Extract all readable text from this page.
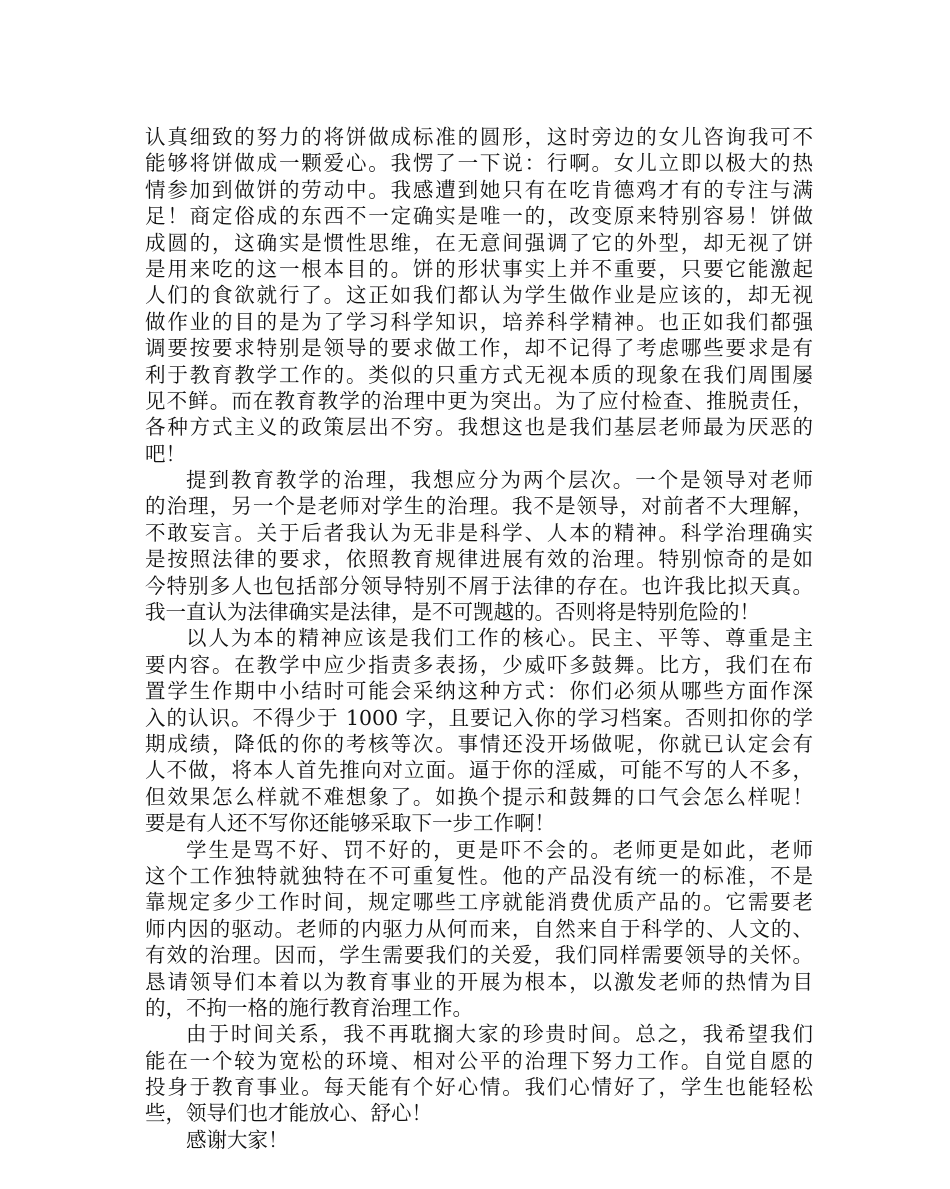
认真细致的努力的将饼做成标准的圆形，这时旁边的女儿咨询我可不
能够将饼做成一颗爱心。我愣了一下说：行啊。女儿立即以极大的热
情参加到做饼的劳动中。我感遭到她只有在吃肯德鸡才有的专注与满
足！商定俗成的东西不一定确实是唯一的，改变原来特别容易！饼做
成圆的，这确实是惯性思维，在无意间强调了它的外型，却无视了饼
是用来吃的这一根本目的。饼的形状事实上并不重要，只要它能激起
人们的食欲就行了。这正如我们都认为学生做作业是应该的，却无视
做作业的目的是为了学习科学知识，培养科学精神。也正如我们都强
调要按要求特别是领导的要求做工作，却不记得了考虑哪些要求是有
利于教育教学工作的。类似的只重方式无视本质的现象在我们周围屡
见不鲜。而在教育教学的治理中更为突出。为了应付检查、推脱责任，
各种方式主义的政策层出不穷。我想这也是我们基层老师最为厌恶的
吧！
提到教育教学的治理，我想应分为两个层次。一个是领导对老师
的治理，另一个是老师对学生的治理。我不是领导，对前者不大理解，
不敢妄言。关于后者我认为无非是科学、人本的精神。科学治理确实
是按照法律的要求，依照教育规律进展有效的治理。特别惊奇的是如
今特别多人也包括部分领导特别不屑于法律的存在。也许我比拟天真。
我一直认为法律确实是法律，是不可觊越的。否则将是特别危险的！
以人为本的精神应该是我们工作的核心。民主、平等、尊重是主
要内容。在教学中应少指责多表扬，少威吓多鼓舞。比方，我们在布
置学生作期中小结时可能会采纳这种方式：你们必须从哪些方面作深
入的认识。不得少于 1000 字，且要记入你的学习档案。否则扣你的学
期成绩，降低的你的考核等次。事情还没开场做呢，你就已认定会有
人不做，将本人首先推向对立面。逼于你的淫威，可能不写的人不多，
但效果怎么样就不难想象了。如换个提示和鼓舞的口气会怎么样呢！
要是有人还不写你还能够采取下一步工作啊！
学生是骂不好、罚不好的，更是吓不会的。老师更是如此，老师
这个工作独特就独特在不可重复性。他的产品没有统一的标准，不是
靠规定多少工作时间，规定哪些工序就能消费优质产品的。它需要老
师内因的驱动。老师的内驱力从何而来，自然来自于科学的、人文的、
有效的治理。因而，学生需要我们的关爱，我们同样需要领导的关怀。
恳请领导们本着以为教育事业的开展为根本，以激发老师的热情为目
的，不拘一格的施行教育治理工作。
由于时间关系，我不再耽搁大家的珍贵时间。总之，我希望我们
能在一个较为宽松的环境、相对公平的治理下努力工作。自觉自愿的
投身于教育事业。每天能有个好心情。我们心情好了，学生也能轻松
些，领导们也才能放心、舒心！
感谢大家！
